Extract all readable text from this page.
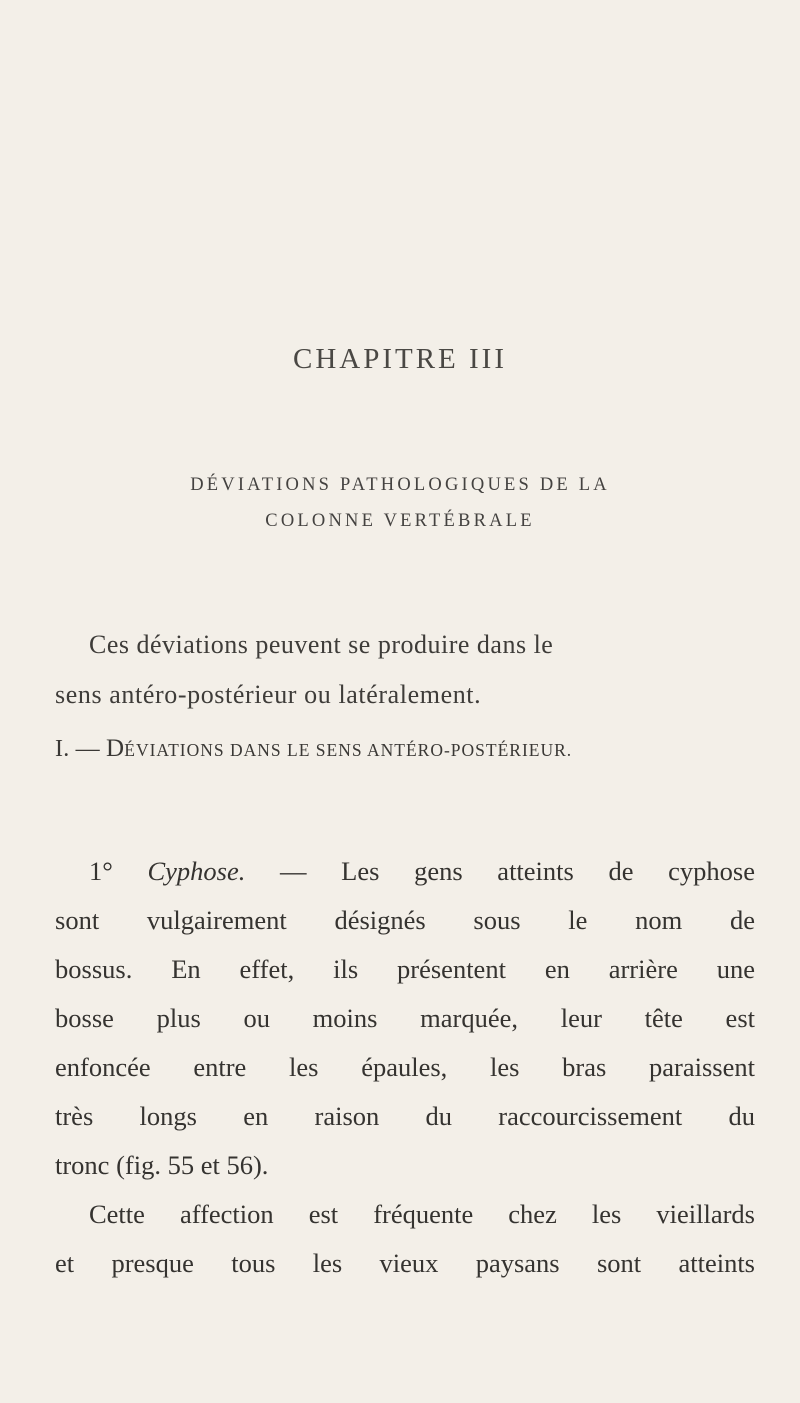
CHAPITRE III
DÉVIATIONS PATHOLOGIQUES DE LA
COLONNE VERTÉBRALE
Ces déviations peuvent se produire dans le
sens antéro-postérieur ou latéralement.
I. — DÉVIATIONS DANS LE SENS ANTÉRO-POSTÉRIEUR.
1° Cyphose. — Les gens atteints de cyphose
sont vulgairement désignés sous le nom de
bossus. En effet, ils présentent en arrière une
bosse plus ou moins marquée, leur tête est
enfoncée entre les épaules, les bras paraissent
très longs en raison du raccourcissement du
tronc (fig. 55 et 56).
Cette affection est fréquente chez les vieillards
et presque tous les vieux paysans sont atteints
